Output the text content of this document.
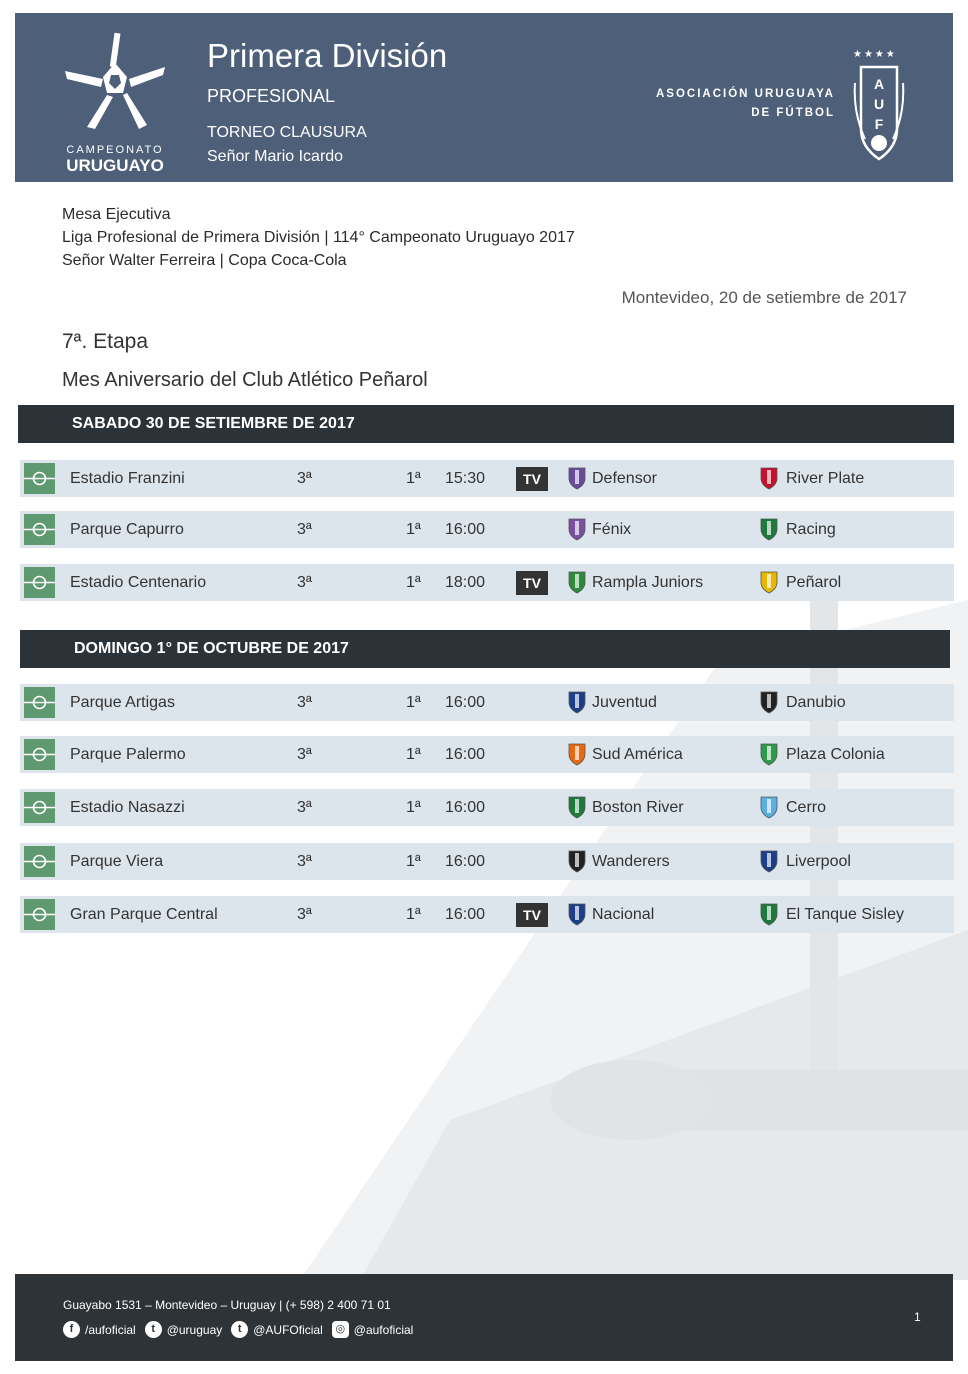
CAMPEONATO
URUGUAYO
Primera División
PROFESIONAL
TORNEO CLAUSURA
Señor Mario Icardo
ASOCIACIÓN URUGUAYA
DE FÚTBOL
★★★★
A
U
F
Mesa Ejecutiva
Liga Profesional de Primera División | 114° Campeonato Uruguayo 2017
Señor Walter Ferreira | Copa Coca-Cola
Montevideo, 20 de setiembre de 2017
7ª. Etapa
Mes Aniversario del Club Atlético Peñarol
SABADO 30 DE SETIEMBRE DE 2017
Estadio Franzini	3ª	1ª 15:30	TV	Defensor	River Plate
Parque Capurro	3ª	1ª 16:00	Fénix	Racing
Estadio Centenario	3ª	1ª 18:00	TV	Rampla Juniors	Peñarol
DOMINGO 1° DE OCTUBRE DE 2017
Parque Artigas	3ª	1ª 16:00	Juventud	Danubio
Parque Palermo	3ª	1ª 16:00	Sud América	Plaza Colonia
Estadio Nasazzi	3ª	1ª 16:00	Boston River	Cerro
Parque Viera	3ª	1ª 16:00	Wanderers	Liverpool
Gran Parque Central	3ª	1ª 16:00	TV	Nacional	El Tanque Sisley
Guayabo 1531 – Montevideo – Uruguay | (+ 598) 2 400 71 01
f /aufoficial	t @uruguay	t @AUFOficial	◎ @aufoficial
1
